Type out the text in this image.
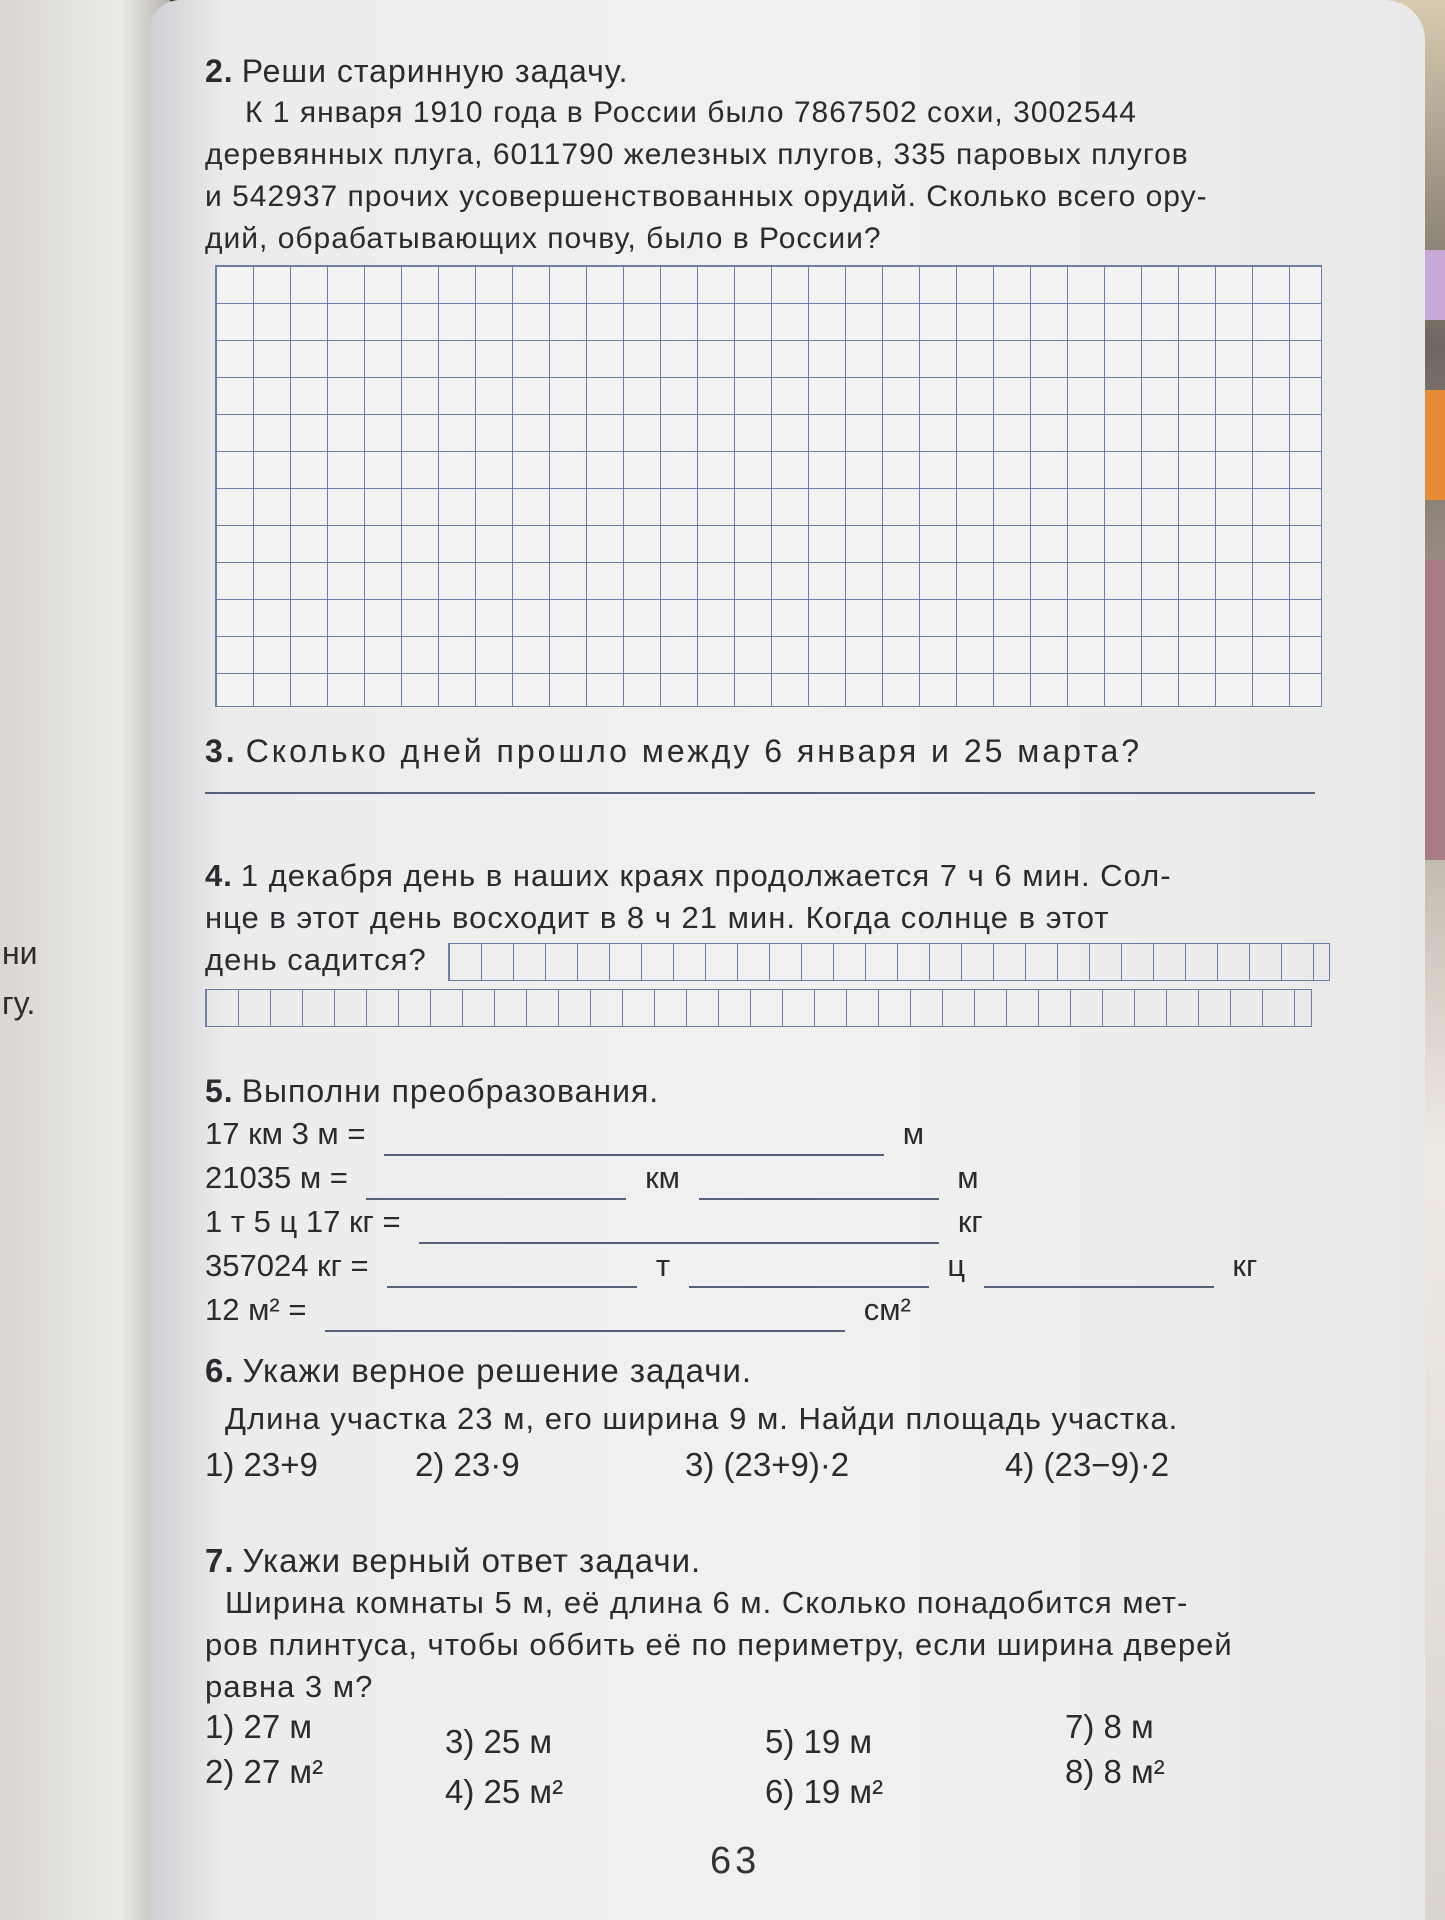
ни
гу.
2. Реши старинную задачу.
К 1 января 1910 года в России было 7867502 сохи, 3002544
деревянных плуга, 6011790 железных плугов, 335 паровых плугов
и 542937 прочих усовершенствованных орудий. Сколько всего ору-
дий, обрабатывающих почву, было в России?
3. Сколько дней прошло между 6 января и 25 марта?
4. 1 декабря день в наших краях продолжается 7 ч 6 мин. Сол-
нце в этот день восходит в 8 ч 21 мин. Когда солнце в этот
день садится?
5. Выполни преобразования.
17 км 3 м =	м
21035 м =	км	м
1 т 5 ц 17 кг =	кг
357024 кг =	т	ц	кг
12 м² =	см²
6. Укажи верное решение задачи.
Длина участка 23 м, его ширина 9 м. Найди площадь участка.
1) 23+9	2) 23·9	3) (23+9)·2	4) (23−9)·2
7. Укажи верный ответ задачи.
Ширина комнаты 5 м, её длина 6 м. Сколько понадобится мет-
ров плинтуса, чтобы оббить её по периметру, если ширина дверей
равна 3 м?
1) 27 м
2) 27 м²
3) 25 м
4) 25 м²
5) 19 м
6) 19 м²
7) 8 м
8) 8 м²
63
